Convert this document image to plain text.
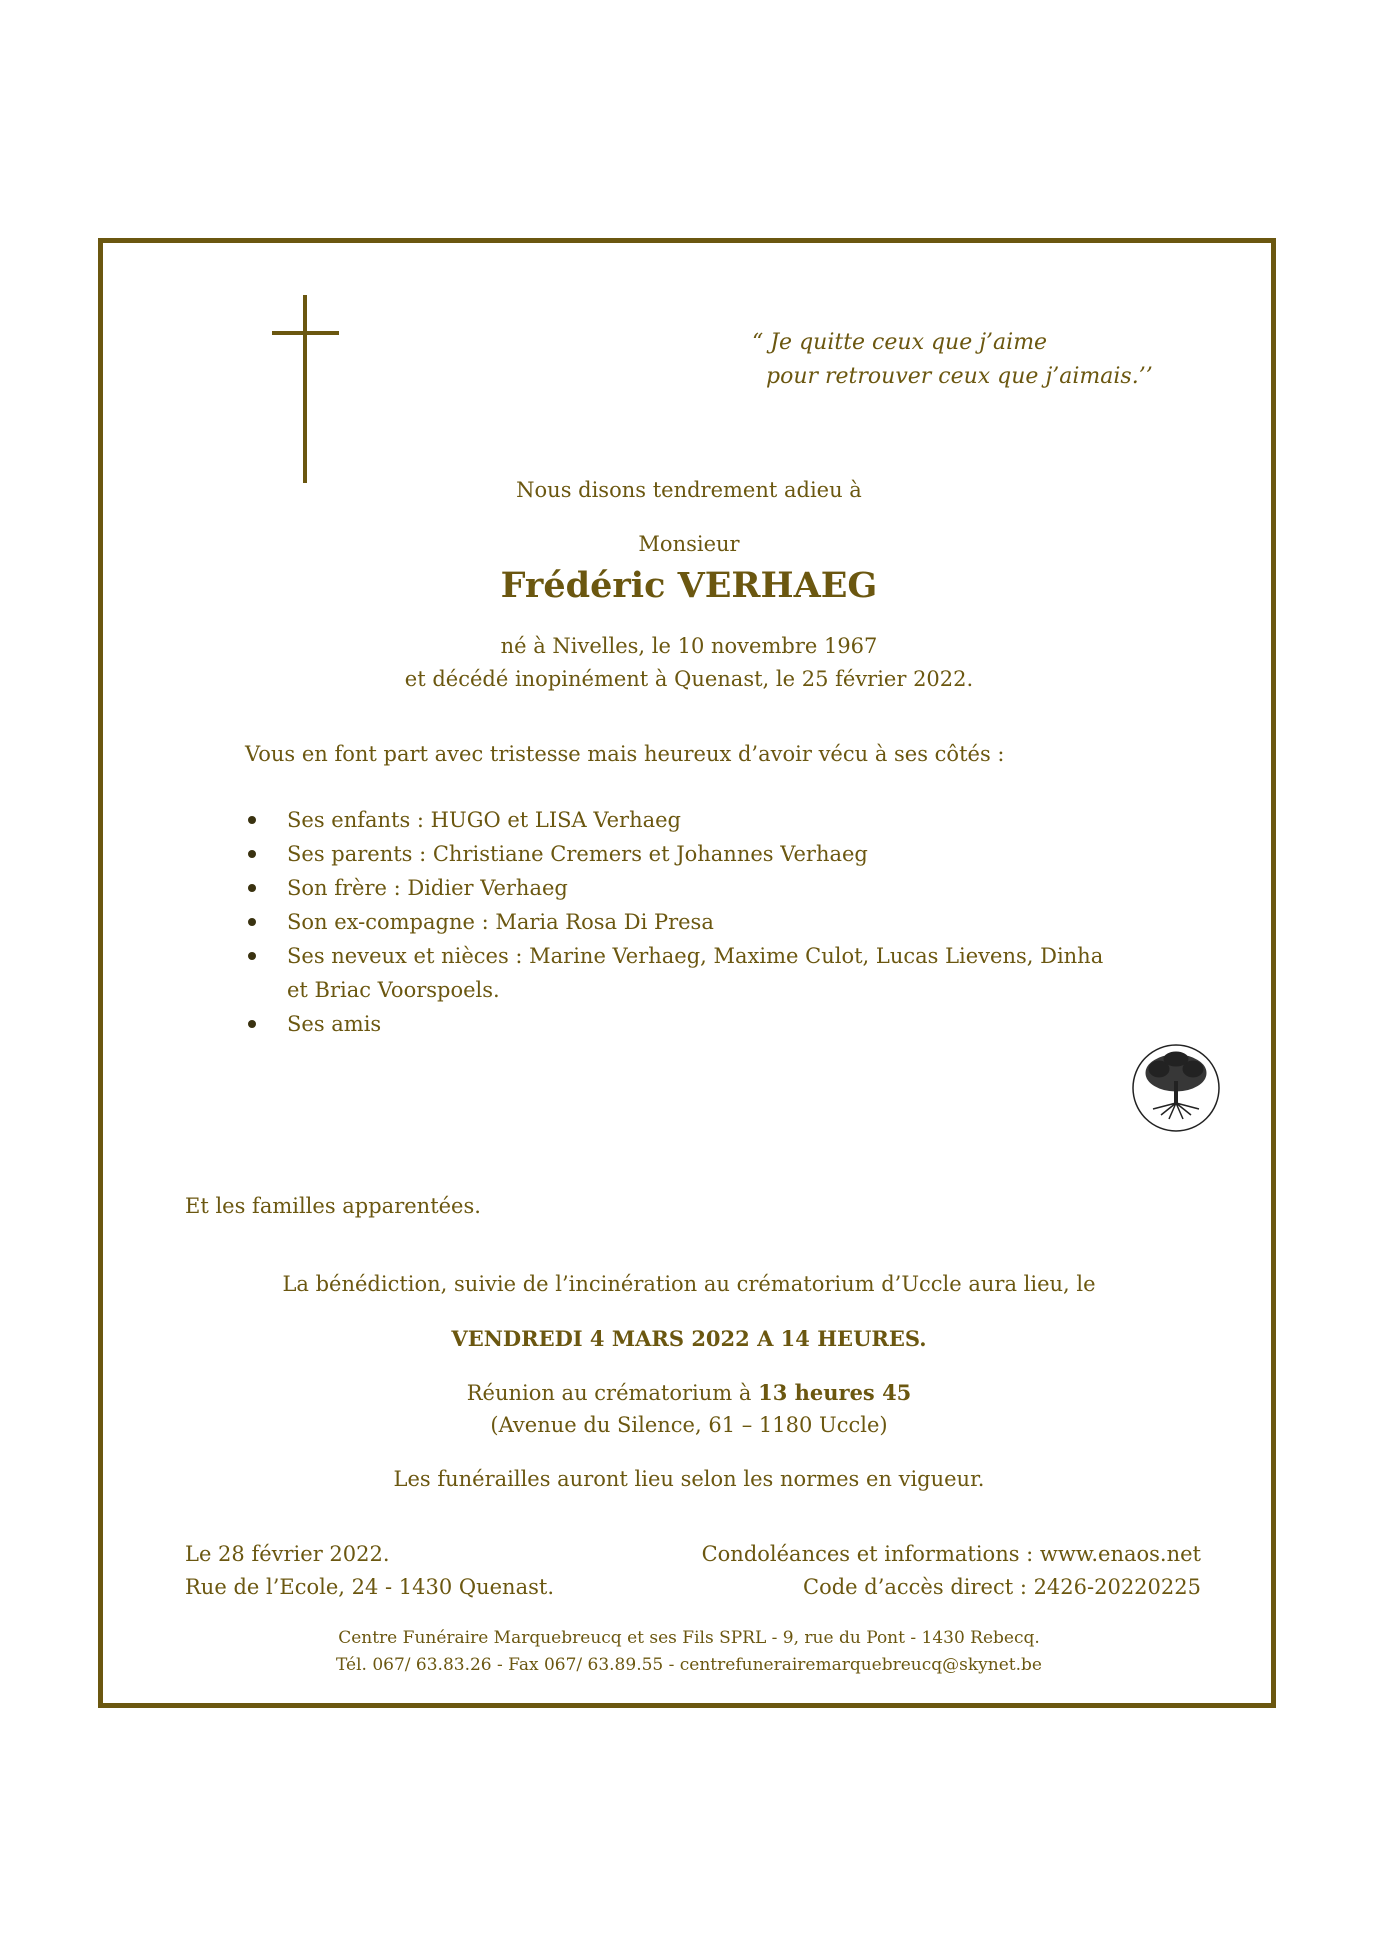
“ Je quitte ceux que j’aime
pour retrouver ceux que j’aimais.’’
Nous disons tendrement adieu à
Monsieur
Frédéric VERHAEG
né à Nivelles, le 10 novembre 1967
et décédé inopinément à Quenast, le 25 février 2022.
Vous en font part avec tristesse mais heureux d’avoir vécu à ses côtés :
Ses enfants : HUGO et LISA Verhaeg
Ses parents : Christiane Cremers et Johannes Verhaeg
Son frère : Didier Verhaeg
Son ex-compagne : Maria Rosa Di Presa
Ses neveux et nièces : Marine Verhaeg, Maxime Culot, Lucas Lievens, Dinha
et Briac Voorspoels.
Ses amis
Et les familles apparentées.
La bénédiction, suivie de l’incinération au crématorium d’Uccle aura lieu, le
VENDREDI 4 MARS 2022 A 14 HEURES.
Réunion au crématorium à 13 heures 45
(Avenue du Silence, 61 – 1180 Uccle)
Les funérailles auront lieu selon les normes en vigueur.
Le 28 février 2022.
Rue de l’Ecole, 24 - 1430 Quenast.
Condoléances et informations : www.enaos.net
Code d’accès direct : 2426-20220225
Centre Funéraire Marquebreucq et ses Fils SPRL - 9, rue du Pont - 1430 Rebecq.
Tél. 067/ 63.83.26 - Fax 067/ 63.89.55 - centrefunerairemarquebreucq@skynet.be
